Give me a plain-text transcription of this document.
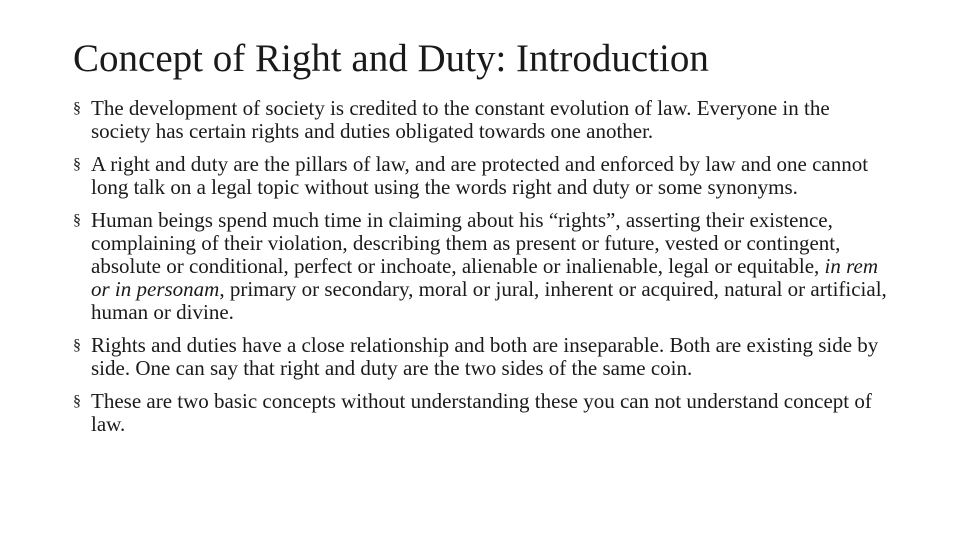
Concept of Right and Duty: Introduction
§ The development of society is credited to the constant evolution of law. Everyone in the society has certain rights and duties obligated towards one another.
§ A right and duty are the pillars of law, and are protected and enforced by law and one cannot long talk on a legal topic without using the words right and duty or some synonyms.
§ Human beings spend much time in claiming about his “rights”, asserting their existence, complaining of their violation, describing them as present or future, vested or contingent, absolute or conditional, perfect or inchoate, alienable or inalienable, legal or equitable, in rem or in personam, primary or secondary, moral or jural, inherent or acquired, natural or artificial, human or divine.
§ Rights and duties have a close relationship and both are inseparable. Both are existing side by side. One can say that right and duty are the two sides of the same coin.
§ These are two basic concepts without understanding these you can not understand concept of law.
